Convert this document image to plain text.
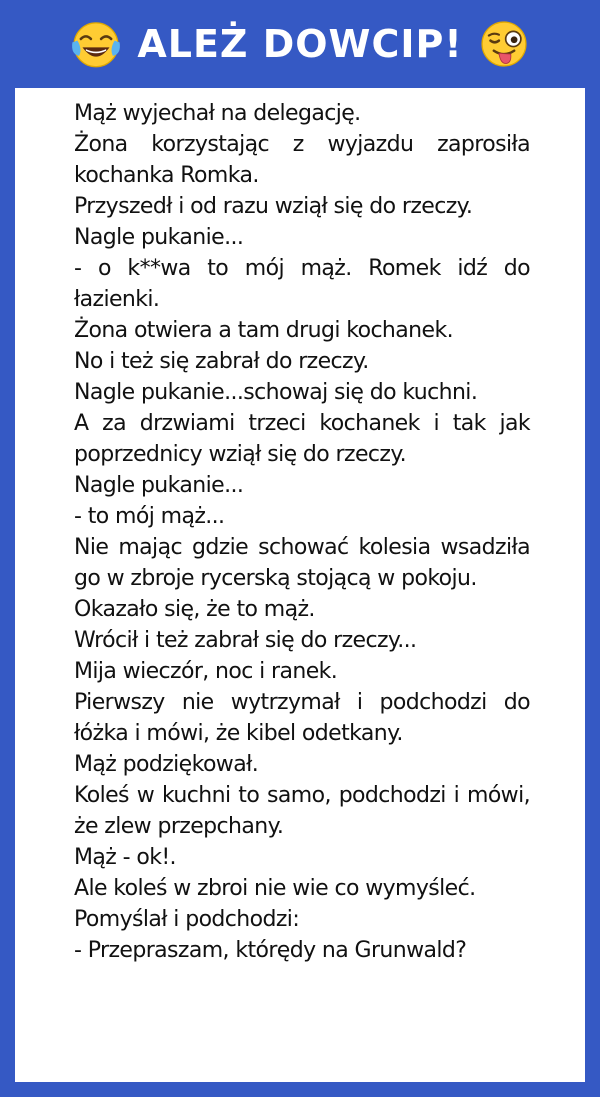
ALEŻ DOWCIP!

Mąż wyjechał na delegację.

Żona korzystając z wyjazdu zaprosiła kochanka Romka.

Przyszedł i od razu wziął się do rzeczy.

Nagle pukanie...

- o k**wa to mój mąż. Romek idź do łazienki.

Żona otwiera a tam drugi kochanek.

No i też się zabrał do rzeczy.

Nagle pukanie...schowaj się do kuchni.

A za drzwiami trzeci kochanek i tak jak poprzednicy wziął się do rzeczy.

Nagle pukanie...

- to mój mąż...

Nie mając gdzie schować kolesia wsadziła go w zbroje rycerską stojącą w pokoju.

Okazało się, że to mąż.

Wrócił i też zabrał się do rzeczy...

Mija wieczór, noc i ranek.

Pierwszy nie wytrzymał i podchodzi do łóżka i mówi, że kibel odetkany.

Mąż podziękował.

Koleś w kuchni to samo, podchodzi i mówi, że zlew przepchany.

Mąż - ok!.

Ale koleś w zbroi nie wie co wymyśleć.

Pomyślał i podchodzi:

- Przepraszam, którędy na Grunwald?
